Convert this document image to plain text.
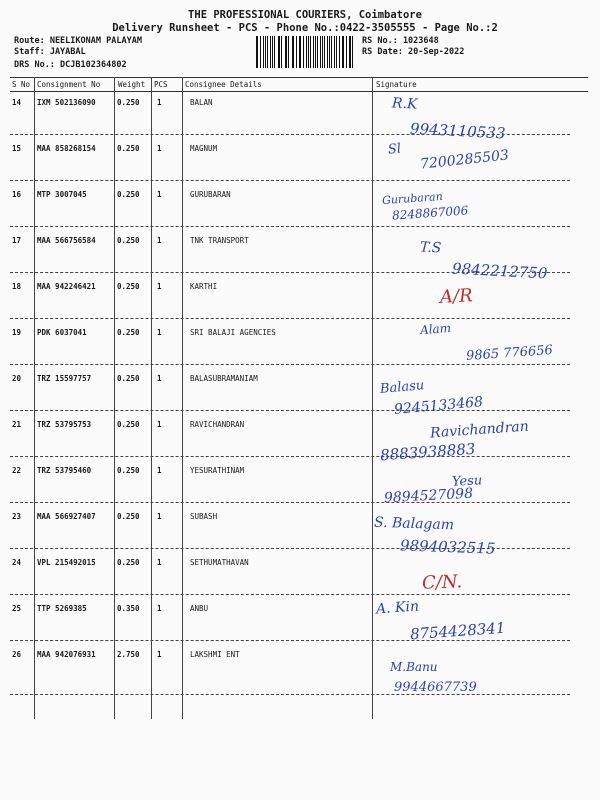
THE PROFESSIONAL COURIERS, Coimbatore
Delivery Runsheet - PCS - Phone No.:0422-3505555 - Page No.:2
Route: NEELIKONAM PALAYAM
Staff: JAYABAL
DRS No.: DCJB102364802
RS No.: 1023648
RS Date: 20-Sep-2022
S No Consignment No Weight PCS Consignee Details	Signature
14 IXM 502136090	0.250 1	BALAN	R.K
9943110533
15 MAA 858268154	0.250 1	MAGNUM	Sl 7200285503
16 MTP 3007045	0.250 1	GURUBARAN	Gurubaran
8248867006
17 MAA 566756584	0.250 1	TNK TRANSPORT	T.S
9842212750
18 MAA 942246421	0.250 1	KARTHI	A/R
19 PDK 6037041	0.250 1	SRI BALAJI AGENCIES	Alam
9865 776656
20 TRZ 15597757	0.250 1	BALASUBRAMANIAM	Balasu
9245133468
21 TRZ 53795753	0.250 1	RAVICHANDRAN	Ravichandran
8883938883
22 TRZ 53795460	0.250 1	YESURATHINAM
Yesu
9894527098
23 MAA 566927407	0.250 1	SUBASH	S. Balagam
9894032515
24 VPL 215492015	0.250 1	SETHUMATHAVAN
C/N.
25 TTP 5269385	0.350 1	ANBU	A. Kin
8754428341
26 MAA 942076931	2.750 1	LAKSHMI ENT
M.Banu
9944667739
